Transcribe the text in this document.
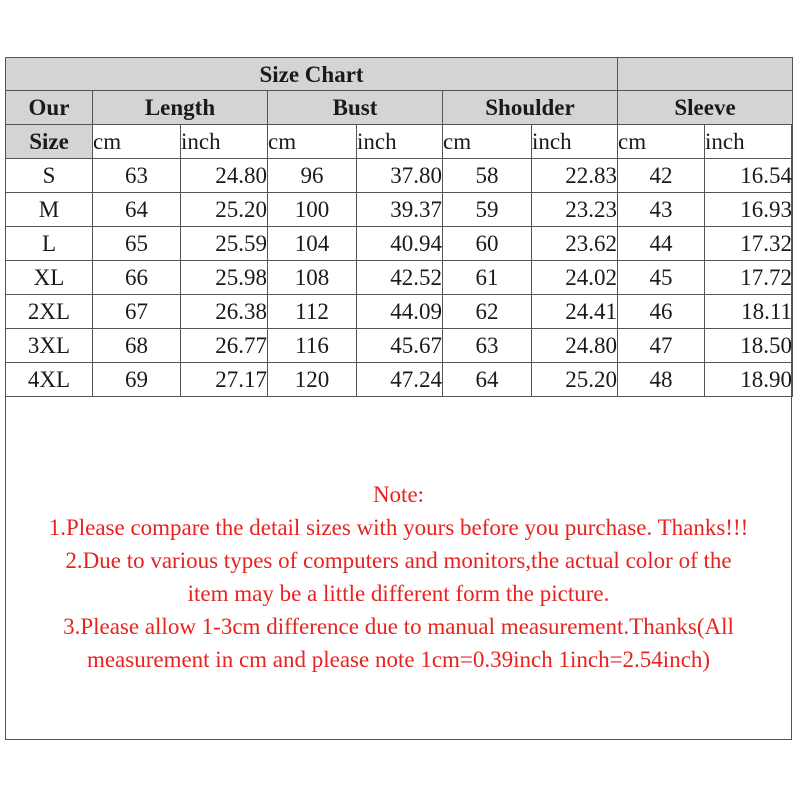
Size Chart								
Our	Length		Bust		Shoulder		Sleeve	
Size	cm	inch	cm	inch	cm	inch	cm	inch
S	63	24.80	96	37.80	58	22.83	42	16.54
M	64	25.20	100	39.37	59	23.23	43	16.93
L	65	25.59	104	40.94	60	23.62	44	17.32
XL	66	25.98	108	42.52	61	24.02	45	17.72
2XL	67	26.38	112	44.09	62	24.41	46	18.11
3XL	68	26.77	116	45.67	63	24.80	47	18.50
4XL	69	27.17	120	47.24	64	25.20	48	18.90
Note:
1.Please compare the detail sizes with yours before you purchase. Thanks!!!
2.Due to various types of computers and monitors,the actual color of the
item may be a little different form the picture.
3.Please allow 1-3cm difference due to manual measurement.Thanks(All
measurement in cm and please note 1cm=0.39inch 1inch=2.54inch)
